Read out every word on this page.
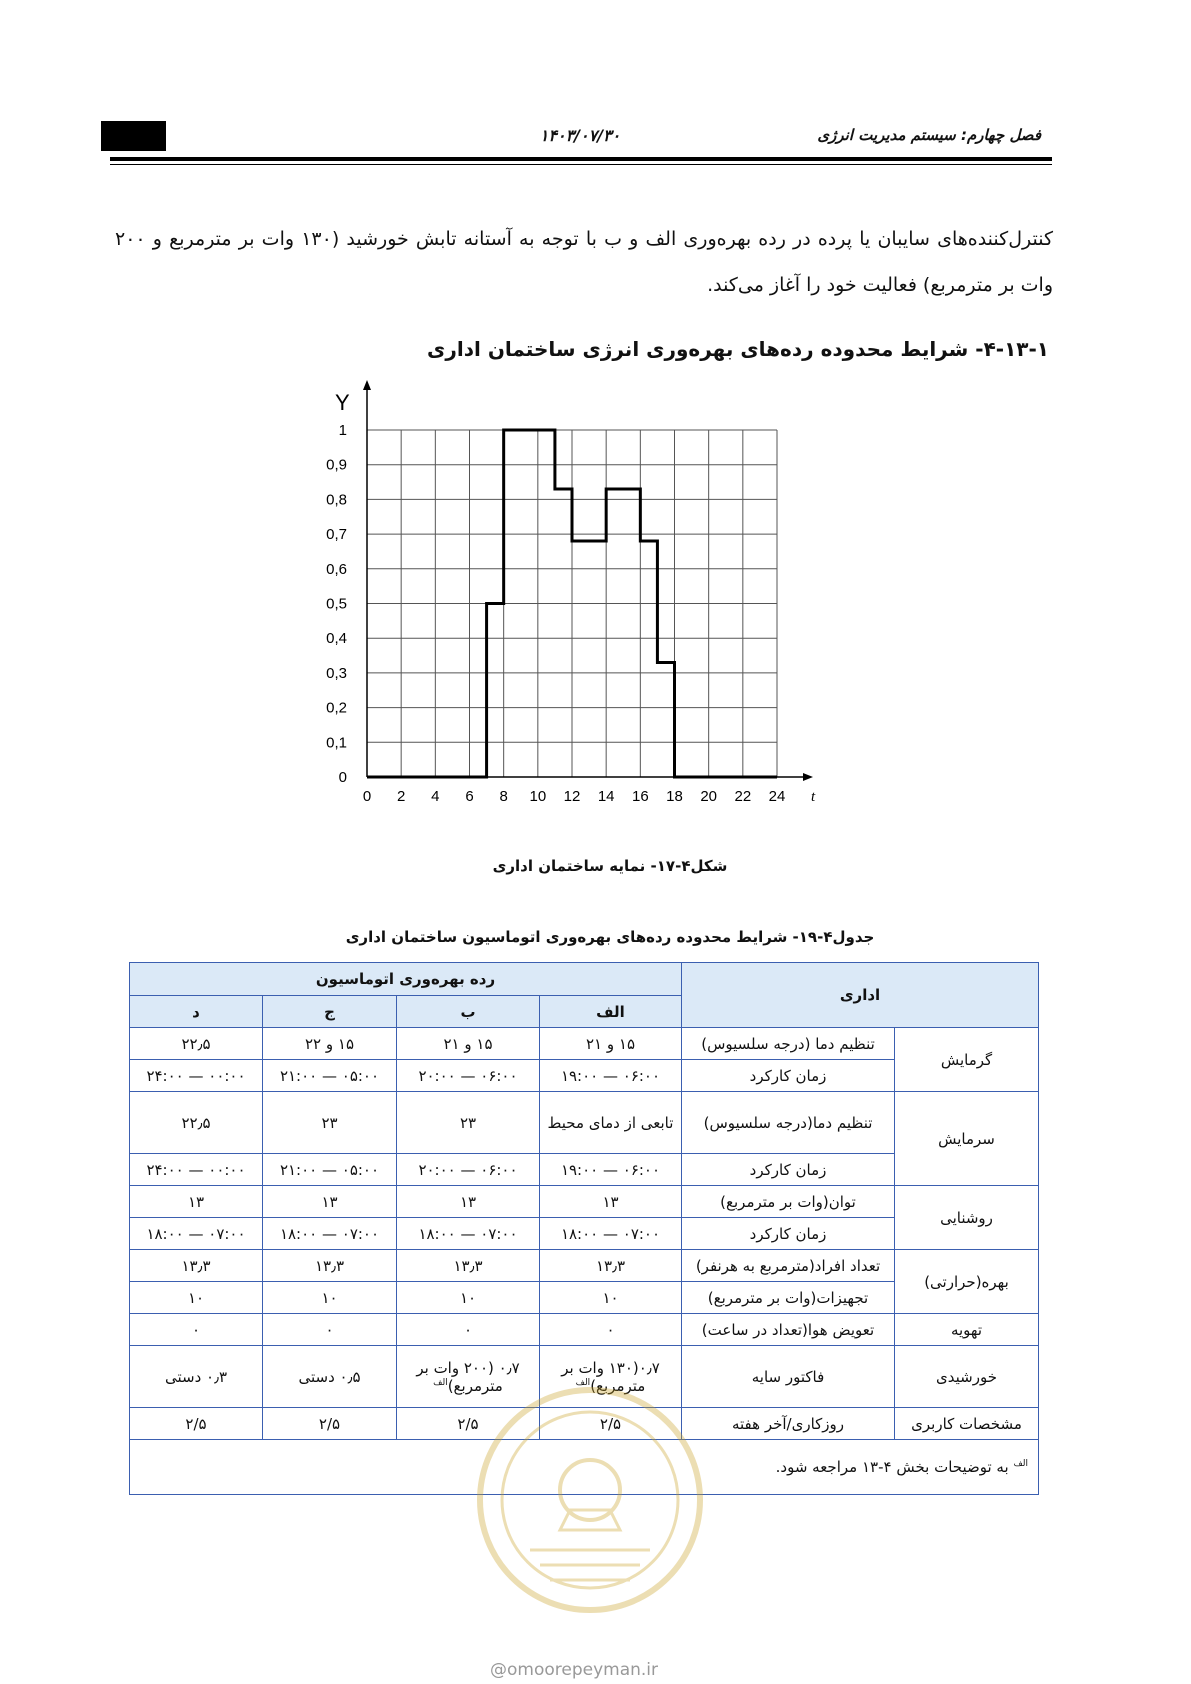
۱۴۰۳/۰۷/۳۰	فصل چهارم: سیستم مدیریت انرژی
کنترل‌کننده‌های سایبان یا پرده در رده بهره‌وری الف و ب با توجه به آستانه تابش خورشید (۱۳۰ وات بر مترمربع و ۲۰۰ وات بر مترمربع) فعالیت خود را آغاز می‌کند.
۴-۱۳-۱- شرایط محدوده رده‌های بهره‌وری انرژی ساختمان اداری
0 2 4 6 8 10 12 14 16 18 20 22 24
0
0,1
0,2
0,3
0,4
0,5
0,6
0,7
0,8
0,9
1
t
Y
شکل۴-۱۷- نمایه ساختمان اداری
جدول۴-۱۹- شرایط محدوده رده‌های بهره‌وری اتوماسیون ساختمان اداری
اداری		رده بهره‌وری اتوماسیون			
		الف	ب	ج	د
گرمایش	تنظیم دما (درجه سلسیوس)	۱۵ و ۲۱	۱۵ و ۲۱	۱۵ و ۲۲	۲۲٫۵
	زمان کارکرد	۰۶:۰۰ — ۱۹:۰۰	۰۶:۰۰ — ۲۰:۰۰	۰۵:۰۰ — ۲۱:۰۰	۰۰:۰۰ — ۲۴:۰۰
سرمایش	تنظیم دما(درجه سلسیوس)	تابعی از دمای محیط	۲۳	۲۳	۲۲٫۵
	زمان کارکرد	۰۶:۰۰ — ۱۹:۰۰	۰۶:۰۰ — ۲۰:۰۰	۰۵:۰۰ — ۲۱:۰۰	۰۰:۰۰ — ۲۴:۰۰
روشنایی	توان(وات بر مترمربع)	۱۳	۱۳	۱۳	۱۳
	زمان کارکرد	۰۷:۰۰ — ۱۸:۰۰	۰۷:۰۰ — ۱۸:۰۰	۰۷:۰۰ — ۱۸:۰۰	۰۷:۰۰ — ۱۸:۰۰
بهره(حرارتی)	تعداد افراد(مترمربع به هرنفر)	۱۳٫۳	۱۳٫۳	۱۳٫۳	۱۳٫۳
	تجهیزات(وات بر مترمربع)	۱۰	۱۰	۱۰	۱۰
تهویه	تعویض هوا(تعداد در ساعت)	۰	۰	۰	۰
خورشیدی	فاکتور سایه	۰٫۷(۱۳۰ وات بر مترمربع)$^{الف}$	۰٫۷ (۲۰۰ وات بر مترمربع)$^{الف}$	۰٫۵ دستی	۰٫۳ دستی
مشخصات کاربری	روزکاری/آخر هفته	۲/۵	۲/۵	۲/۵	۲/۵
$^{الف}$ به توضیحات بخش ۴-۱۳ مراجعه شود.					
@omoorepeyman.ir
